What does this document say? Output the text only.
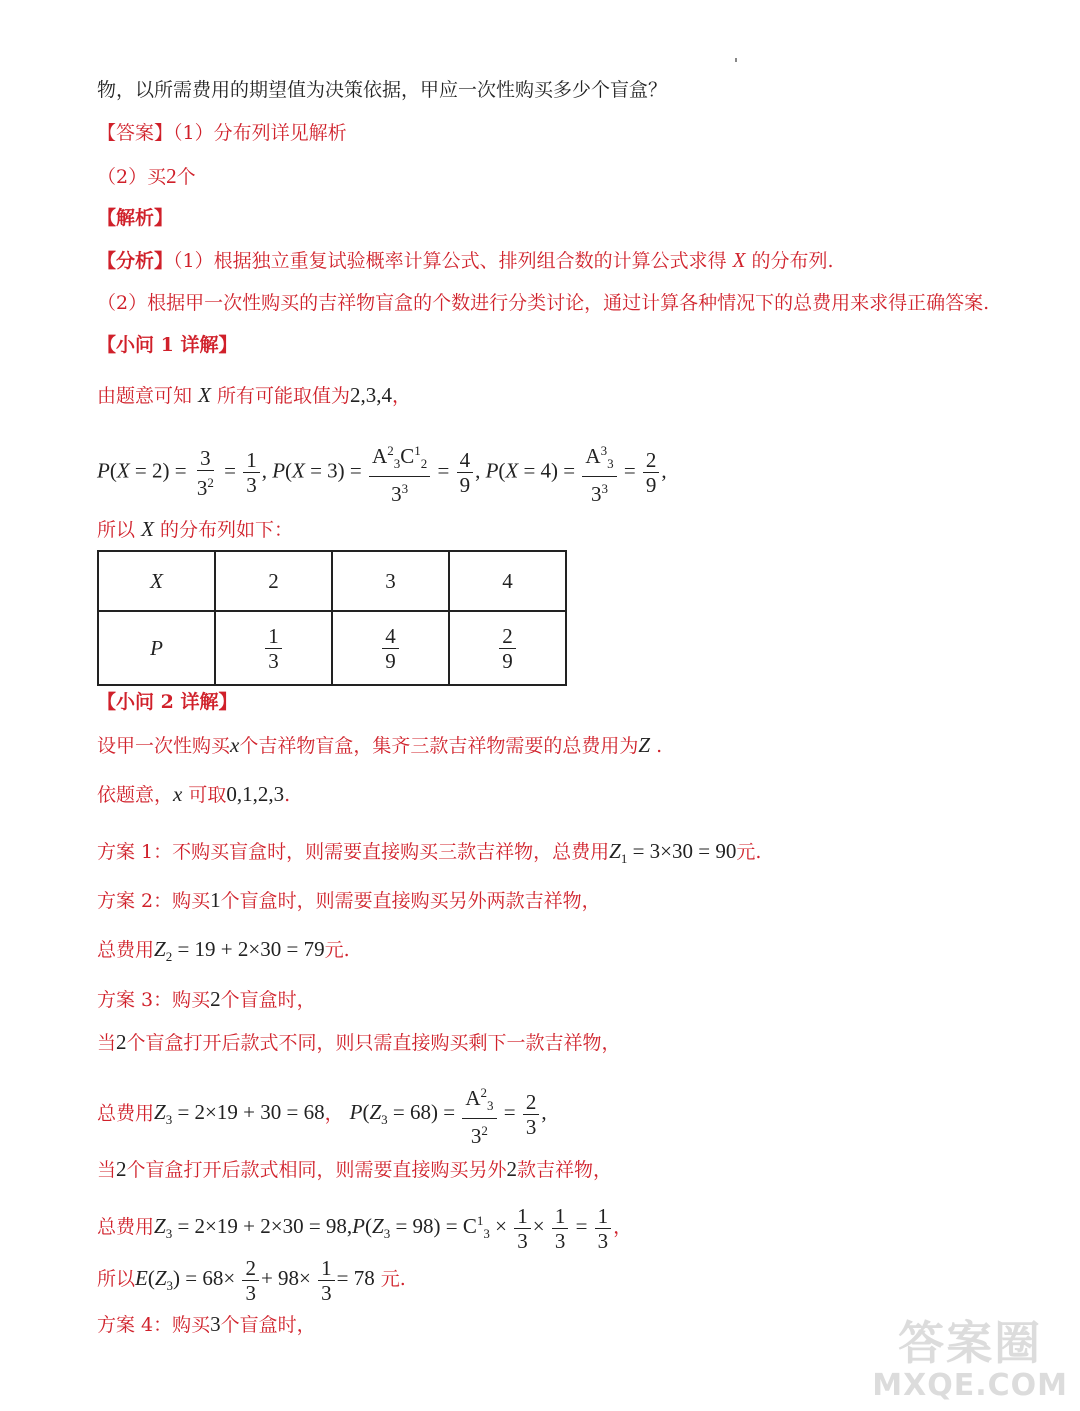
物，以所需费用的期望值为决策依据，甲应一次性购买多少个盲盒？
【答案】（1）分布列详见解析
（2）买2个
【解析】
【分析】（1）根据独立重复试验概率计算公式、排列组合数的计算公式求得 X 的分布列.
（2）根据甲一次性购买的吉祥物盲盒的个数进行分类讨论，通过计算各种情况下的总费用来求得正确答案.
【小问 1 详解】
由题意可知 X 所有可能取值为2,3,4，
$P(X = 2) = \frac{3}{3^2} = \frac{1}{3}$ , $P(X = 3) = \frac{A^2_3C^1_2}{3^3} = \frac{4}{9}$ , $P(X = 4) = \frac{A^3_3}{3^3} = \frac{2}{9}$ ,
所以 X 的分布列如下：
X	2	3	4
P	$\frac{1}{3}$	$\frac{4}{9}$	$\frac{2}{9}$
【小问 2 详解】
设甲一次性购买x个吉祥物盲盒，集齐三款吉祥物需要的总费用为Z .
依题意，x 可取0,1,2,3.
方案 1：不购买盲盒时，则需要直接购买三款吉祥物，总费用$Z_1 = 3\times 30 = 90$元.
方案 2：购买1个盲盒时，则需要直接购买另外两款吉祥物，
总费用$Z_2 = 19 + 2\times 30 = 79$元.
方案 3：购买2个盲盒时，
当2个盲盒打开后款式不同，则只需直接购买剩下一款吉祥物，
总费用$Z_3 = 2\times 19 + 30 = 68$， $P(Z_3 = 68) = \frac{A^2_3}{3^2} = \frac{2}{3}$ ,
当2个盲盒打开后款式相同，则需要直接购买另外2款吉祥物，
总费用$Z_3 = 2\times 19 + 2\times 30 = 98,P(Z_3 = 98) = C^1_3 \times \frac{1}{3} \times \frac{1}{3} = \frac{1}{3}$ ，
所以$E(Z_3) = 68\times \frac{2}{3} + 98\times \frac{1}{3} = 78$ 元.
方案 4：购买3个盲盒时，	答案圈
MXQE.COM
